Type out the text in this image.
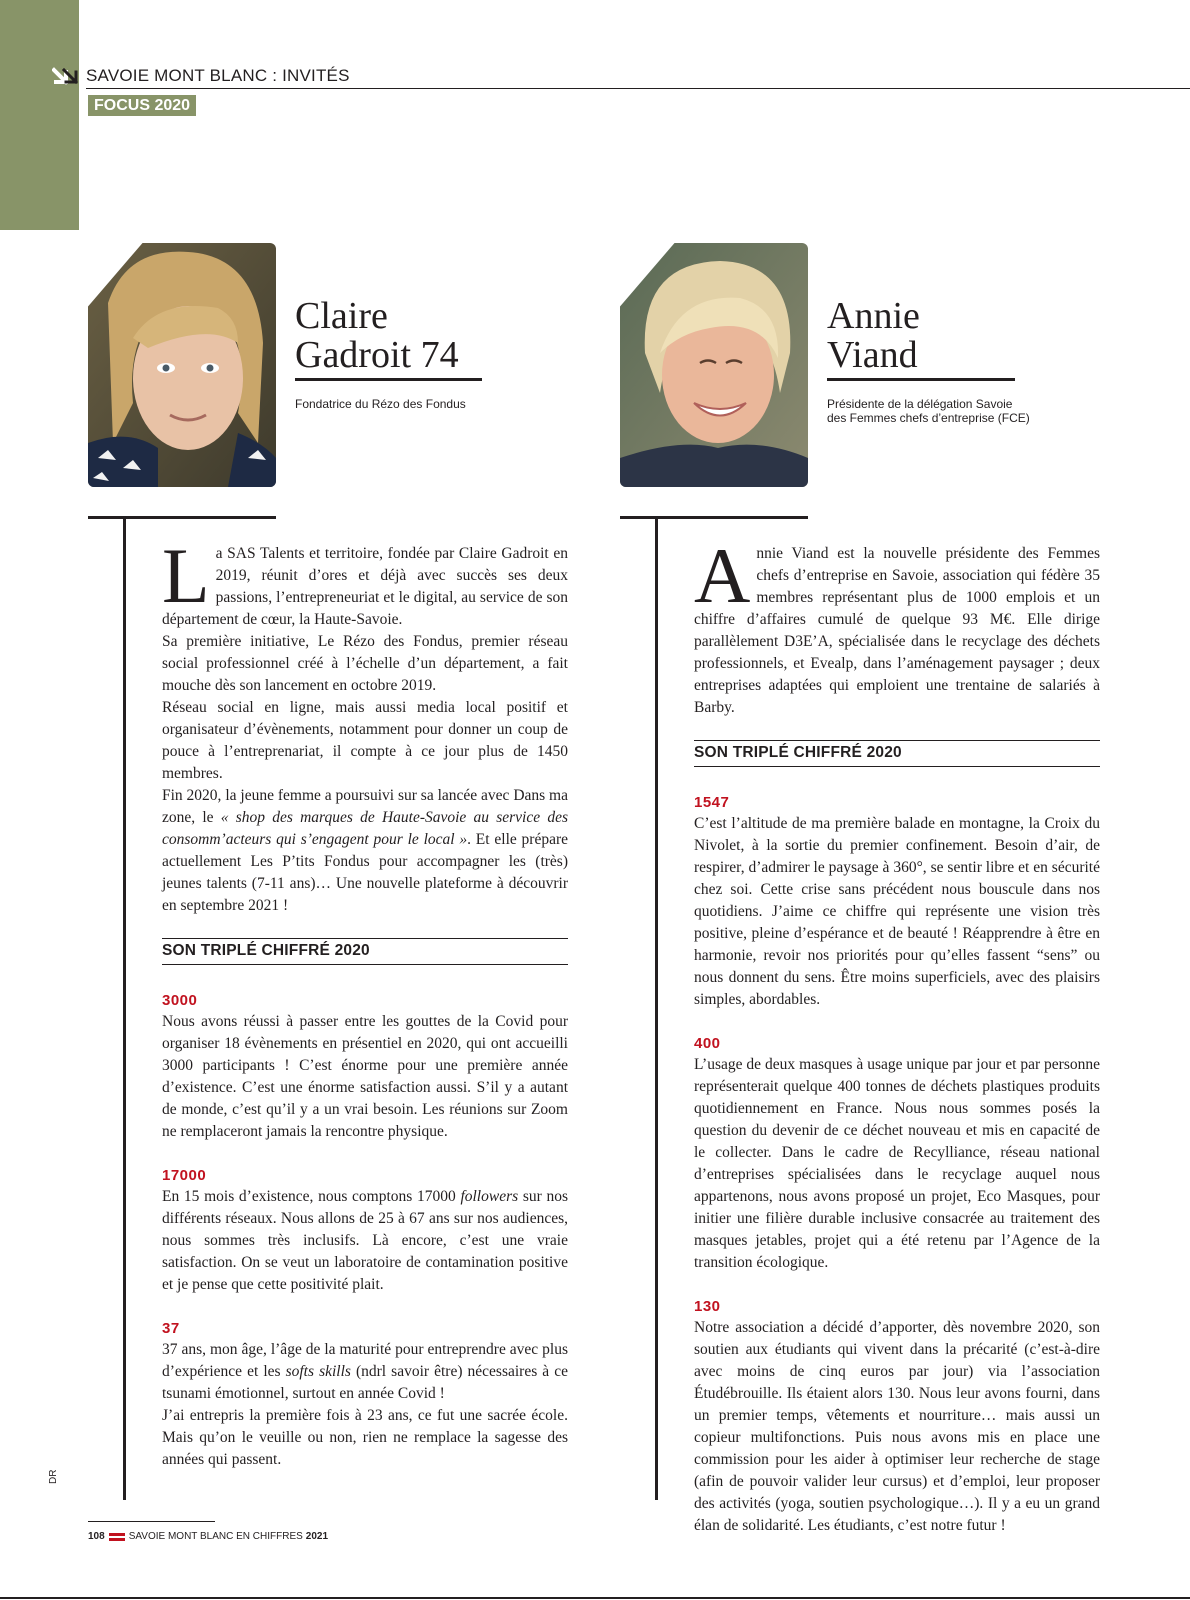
SAVOIE MONT BLANC : INVITÉS
FOCUS 2020
Claire
Gadroit 74

Fondatrice du Rézo des Fondus

Annie
Viand

Présidente de la délégation Savoie
des Femmes chefs d’entreprise (FCE)

La SAS Talents et territoire, fondée par Claire Gadroit en 2019, réunit d’ores et déjà avec succès ses deux passions, l’entrepreneuriat et le digital, au service de son département de cœur, la Haute-Savoie.

Sa première initiative, Le Rézo des Fondus, premier réseau social professionnel créé à l’échelle d’un département, a fait mouche dès son lancement en octobre 2019.

Réseau social en ligne, mais aussi media local positif et organisateur d’évènements, notamment pour donner un coup de pouce à l’entreprenariat, il compte à ce jour plus de 1450 membres.

Fin 2020, la jeune femme a poursuivi sur sa lancée avec Dans ma zone, le « shop des marques de Haute-Savoie au service des consomm’acteurs qui s’engagent pour le local ». Et elle prépare actuellement Les P’tits Fondus pour accompagner les (très) jeunes talents (7-11 ans)… Une nouvelle plateforme à découvrir en septembre 2021 !

SON TRIPLÉ CHIFFRÉ 2020
3000

Nous avons réussi à passer entre les gouttes de la Covid pour organiser 18 évènements en présentiel en 2020, qui ont accueilli 3000 participants ! C’est énorme pour une première année d’existence. C’est une énorme satisfaction aussi. S’il y a autant de monde, c’est qu’il y a un vrai besoin. Les réunions sur Zoom ne remplaceront jamais la rencontre physique.

17000

En 15 mois d’existence, nous comptons 17000 followers sur nos différents réseaux. Nous allons de 25 à 67 ans sur nos audiences, nous sommes très inclusifs. Là encore, c’est une vraie satisfaction. On se veut un laboratoire de contamination positive et je pense que cette positivité plait.

37

37 ans, mon âge, l’âge de la maturité pour entreprendre avec plus d’expérience et les softs skills (ndrl savoir être) nécessaires à ce tsunami émotionnel, surtout en année Covid !

J’ai entrepris la première fois à 23 ans, ce fut une sacrée école. Mais qu’on le veuille ou non, rien ne remplace la sagesse des années qui passent.

Annie Viand est la nouvelle présidente des Femmes chefs d’entreprise en Savoie, association qui fédère 35 membres représentant plus de 1000 emplois et un chiffre d’affaires cumulé de quelque 93 M€. Elle dirige parallèlement D3E’A, spécialisée dans le recyclage des déchets professionnels, et Evealp, dans l’aménagement paysager ; deux entreprises adaptées qui emploient une trentaine de salariés à Barby.

SON TRIPLÉ CHIFFRÉ 2020
1547

C’est l’altitude de ma première balade en montagne, la Croix du Nivolet, à la sortie du premier confinement. Besoin d’air, de respirer, d’admirer le paysage à 360°, se sentir libre et en sécurité chez soi. Cette crise sans précédent nous bouscule dans nos quotidiens. J’aime ce chiffre qui représente une vision très positive, pleine d’espérance et de beauté ! Réapprendre à être en harmonie, revoir nos priorités pour qu’elles fassent “sens” ou nous donnent du sens. Être moins superficiels, avec des plaisirs simples, abordables.

400

L’usage de deux masques à usage unique par jour et par personne représenterait quelque 400 tonnes de déchets plastiques produits quotidiennement en France. Nous nous sommes posés la question du devenir de ce déchet nouveau et mis en capacité de le collecter. Dans le cadre de Recylliance, réseau national d’entreprises spécialisées dans le recyclage auquel nous appartenons, nous avons proposé un projet, Eco Masques, pour initier une filière durable inclusive consacrée au traitement des masques jetables, projet qui a été retenu par l’Agence de la transition écologique.

130

Notre association a décidé d’apporter, dès novembre 2020, son soutien aux étudiants qui vivent dans la précarité (c’est-à-dire avec moins de cinq euros par jour) via l’association Étudébrouille. Ils étaient alors 130. Nous leur avons fourni, dans un premier temps, vêtements et nourriture… mais aussi un copieur multifonctions. Puis nous avons mis en place une commission pour les aider à optimiser leur recherche de stage (afin de pouvoir valider leur cursus) et d’emploi, leur proposer des activités (yoga, soutien psychologique…). Il y a eu un grand élan de solidarité. Les étudiants, c’est notre futur !

DR
108 SAVOIE MONT BLANC EN CHIFFRES 2021
